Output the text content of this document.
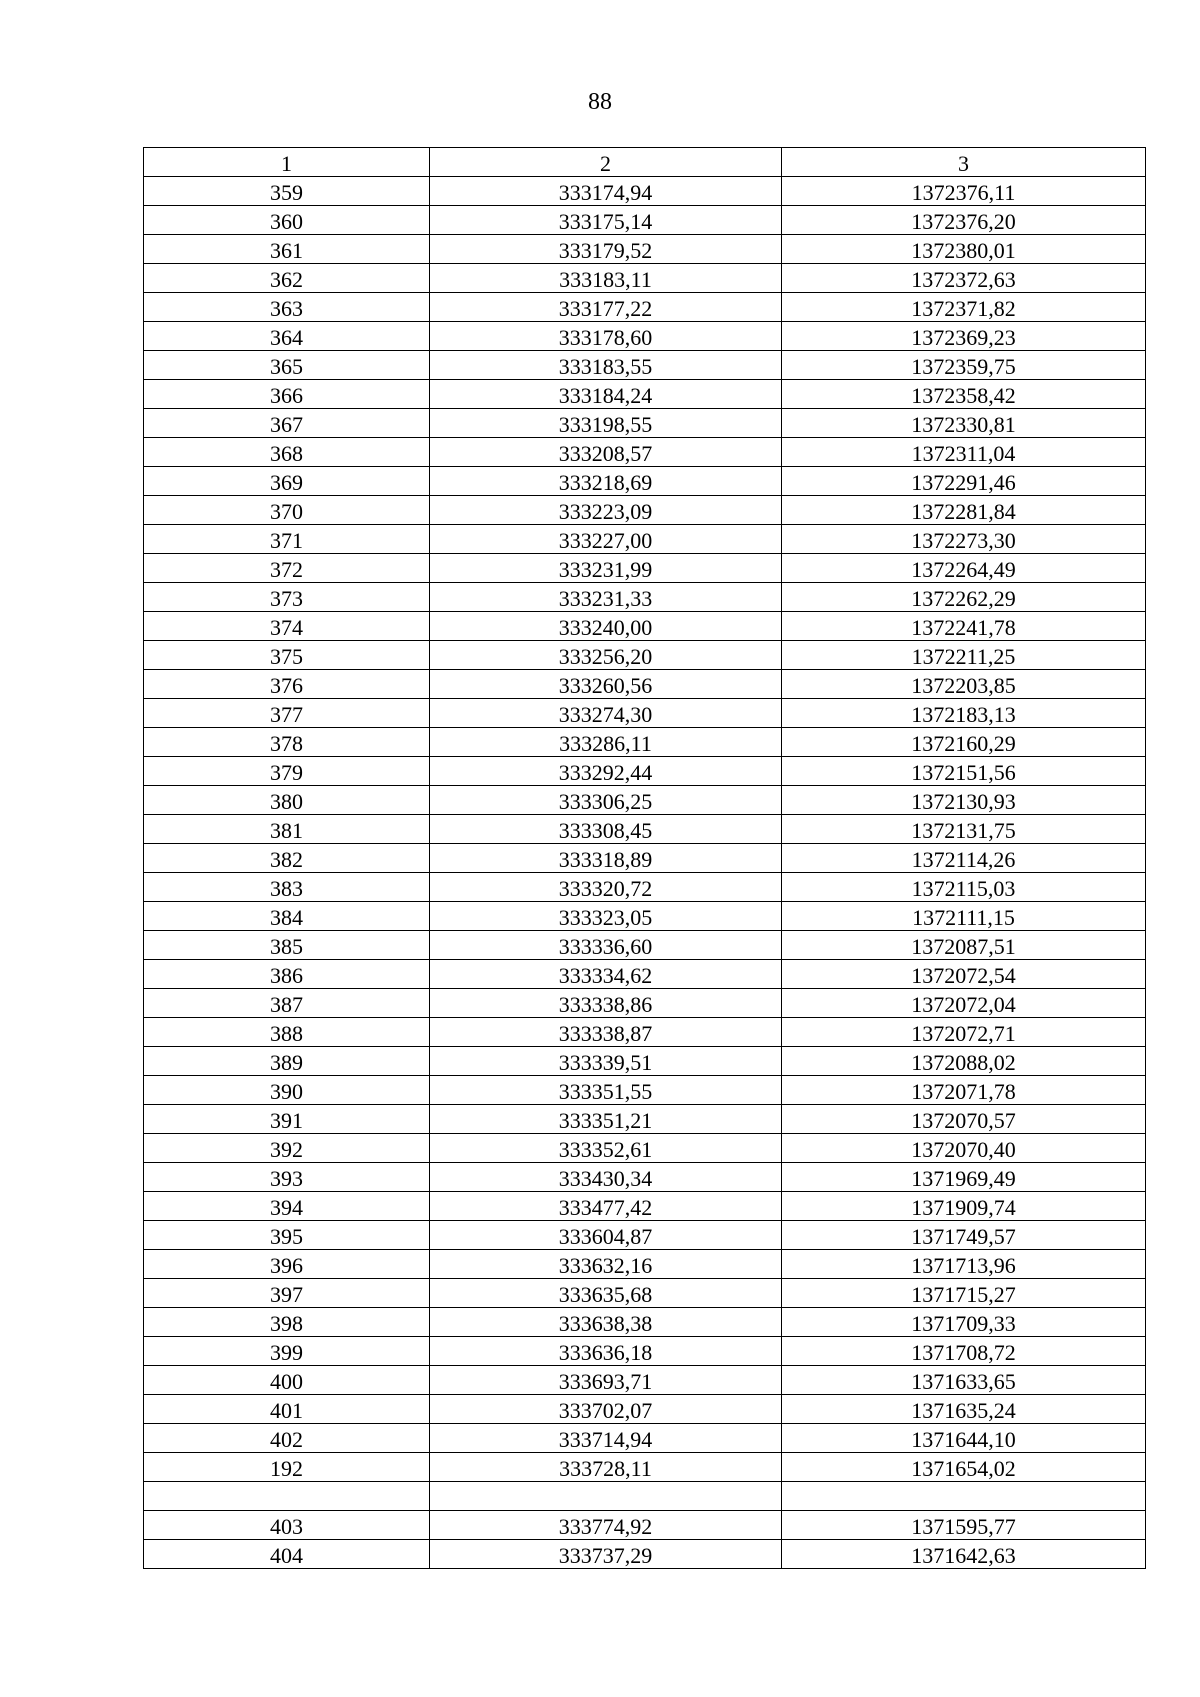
88
1	2	3
359	333174,94	1372376,11
360	333175,14	1372376,20
361	333179,52	1372380,01
362	333183,11	1372372,63
363	333177,22	1372371,82
364	333178,60	1372369,23
365	333183,55	1372359,75
366	333184,24	1372358,42
367	333198,55	1372330,81
368	333208,57	1372311,04
369	333218,69	1372291,46
370	333223,09	1372281,84
371	333227,00	1372273,30
372	333231,99	1372264,49
373	333231,33	1372262,29
374	333240,00	1372241,78
375	333256,20	1372211,25
376	333260,56	1372203,85
377	333274,30	1372183,13
378	333286,11	1372160,29
379	333292,44	1372151,56
380	333306,25	1372130,93
381	333308,45	1372131,75
382	333318,89	1372114,26
383	333320,72	1372115,03
384	333323,05	1372111,15
385	333336,60	1372087,51
386	333334,62	1372072,54
387	333338,86	1372072,04
388	333338,87	1372072,71
389	333339,51	1372088,02
390	333351,55	1372071,78
391	333351,21	1372070,57
392	333352,61	1372070,40
393	333430,34	1371969,49
394	333477,42	1371909,74
395	333604,87	1371749,57
396	333632,16	1371713,96
397	333635,68	1371715,27
398	333638,38	1371709,33
399	333636,18	1371708,72
400	333693,71	1371633,65
401	333702,07	1371635,24
402	333714,94	1371644,10
192	333728,11	1371654,02

403	333774,92	1371595,77
404	333737,29	1371642,63
